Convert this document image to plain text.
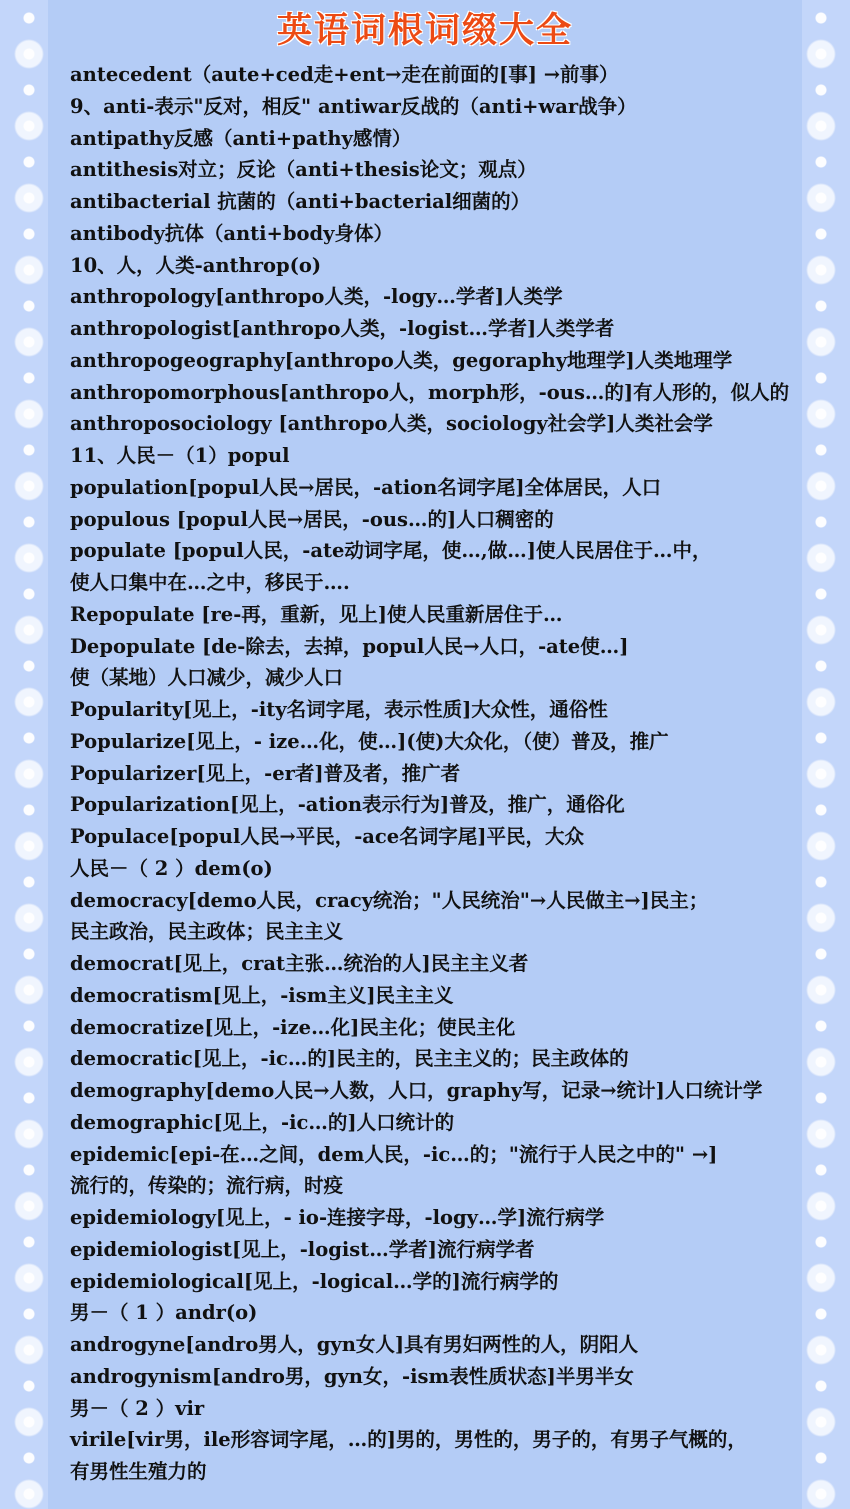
英语词根词缀大全
antecedent（aute+ced走+ent→走在前面的[事] →前事）
9、anti-表示"反对，相反" antiwar反战的（anti+war战争）
antipathy反感（anti+pathy感情）
antithesis对立；反论（anti+thesis论文；观点）
antibacterial 抗菌的（anti+bacterial细菌的）
antibody抗体（anti+body身体）
10、人，人类-anthrop(o)
anthropology[anthropo人类，-logy…学者]人类学
anthropologist[anthropo人类，-logist…学者]人类学者
anthropogeography[anthropo人类，gegoraphy地理学]人类地理学
anthropomorphous[anthropo人，morph形，-ous…的]有人形的，似人的
anthroposociology [anthropo人类，sociology社会学]人类社会学
11、人民－（1）popul
population[popul人民→居民，-ation名词字尾]全体居民，人口
populous [popul人民→居民，-ous…的]人口稠密的
populate [popul人民，-ate动词字尾，使…,做…]使人民居住于…中，
使人口集中在…之中，移民于….
Repopulate [re-再，重新，见上]使人民重新居住于…
Depopulate [de-除去，去掉，popul人民→人口，-ate使…]
使（某地）人口减少，减少人口
Popularity[见上，-ity名词字尾，表示性质]大众性，通俗性
Popularize[见上，- ize…化，使…](使)大众化，（使）普及，推广
Popularizer[见上，-er者]普及者，推广者
Popularization[见上，-ation表示行为]普及，推广，通俗化
Populace[popul人民→平民，-ace名词字尾]平民，大众
人民－（ 2 ）dem(o)
democracy[demo人民，cracy统治；"人民统治"→人民做主→]民主；
民主政治，民主政体；民主主义
democrat[见上，crat主张…统治的人]民主主义者
democratism[见上，-ism主义]民主主义
democratize[见上，-ize…化]民主化；使民主化
democratic[见上，-ic…的]民主的，民主主义的；民主政体的
demography[demo人民→人数，人口，graphy写，记录→统计]人口统计学
demographic[见上，-ic…的]人口统计的
epidemic[epi-在…之间，dem人民，-ic…的；"流行于人民之中的" →]
流行的，传染的；流行病，时疫
epidemiology[见上，- io-连接字母，-logy…学]流行病学
epidemiologist[见上，-logist…学者]流行病学者
epidemiological[见上，-logical…学的]流行病学的
男－（ 1 ）andr(o)
androgyne[andro男人，gyn女人]具有男妇两性的人，阴阳人
androgynism[andro男，gyn女，-ism表性质状态]半男半女
男－（ 2 ）vir
virile[vir男，ile形容词字尾，…的]男的，男性的，男子的，有男子气概的，
有男性生殖力的
